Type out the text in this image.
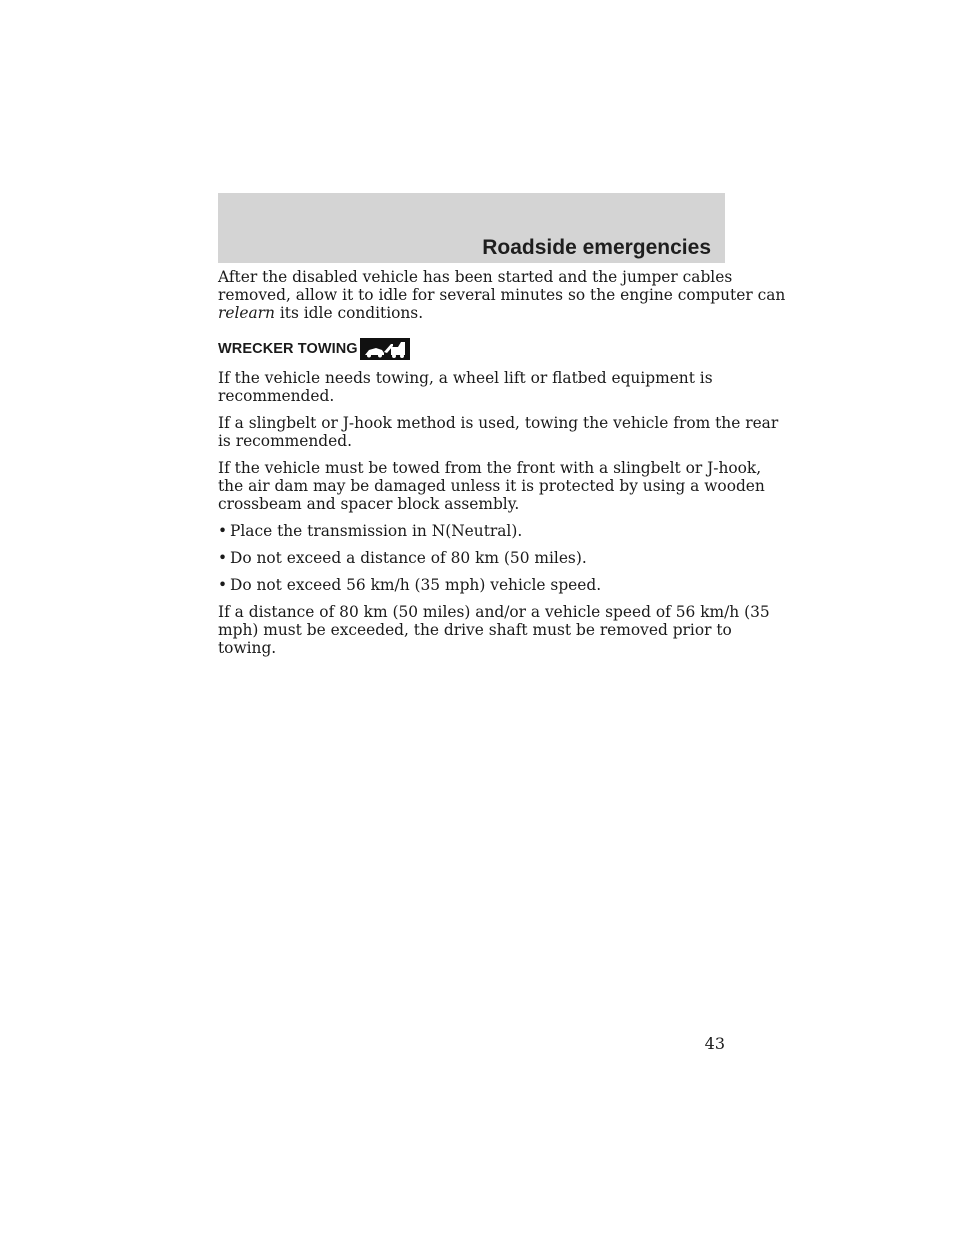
Roadside emergencies

After the disabled vehicle has been started and the jumper cables
removed, allow it to idle for several minutes so the engine computer can
relearn its idle conditions.

WRECKER TOWING

If the vehicle needs towing, a wheel lift or flatbed equipment is
recommended.

If a slingbelt or J-hook method is used, towing the vehicle from the rear
is recommended.

If the vehicle must be towed from the front with a slingbelt or J-hook,
the air dam may be damaged unless it is protected by using a wooden
crossbeam and spacer block assembly.

• Place the transmission in N(Neutral).
• Do not exceed a distance of 80 km (50 miles).
• Do not exceed 56 km/h (35 mph) vehicle speed.

If a distance of 80 km (50 miles) and/or a vehicle speed of 56 km/h (35
mph) must be exceeded, the drive shaft must be removed prior to
towing.

43
